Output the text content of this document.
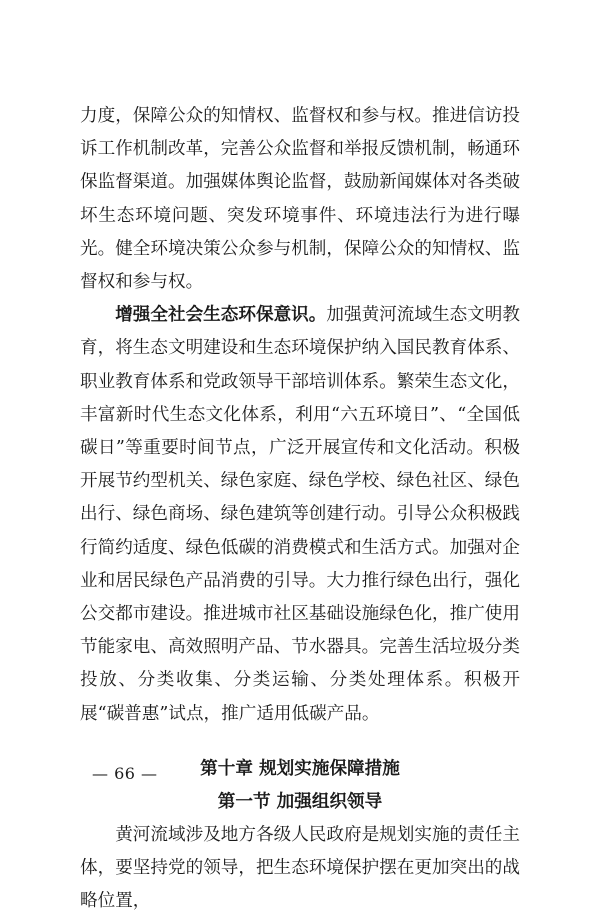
力度，保障公众的知情权、监督权和参与权。推进信访投诉工作机制改革，完善公众监督和举报反馈机制，畅通环保监督渠道。加强媒体舆论监督，鼓励新闻媒体对各类破坏生态环境问题、突发环境事件、环境违法行为进行曝光。健全环境决策公众参与机制，保障公众的知情权、监督权和参与权。

增强全社会生态环保意识。加强黄河流域生态文明教育，将生态文明建设和生态环境保护纳入国民教育体系、职业教育体系和党政领导干部培训体系。繁荣生态文化，丰富新时代生态文化体系，利用“六五环境日”、“全国低碳日”等重要时间节点，广泛开展宣传和文化活动。积极开展节约型机关、绿色家庭、绿色学校、绿色社区、绿色出行、绿色商场、绿色建筑等创建行动。引导公众积极践行简约适度、绿色低碳的消费模式和生活方式。加强对企业和居民绿色产品消费的引导。大力推行绿色出行，强化公交都市建设。推进城市社区基础设施绿色化，推广使用节能家电、高效照明产品、节水器具。完善生活垃圾分类投放、分类收集、分类运输、分类处理体系。积极开展“碳普惠”试点，推广适用低碳产品。

第十章 规划实施保障措施
第一节 加强组织领导

黄河流域涉及地方各级人民政府是规划实施的责任主体，要坚持党的领导，把生态环境保护摆在更加突出的战略位置，

— 66 —
